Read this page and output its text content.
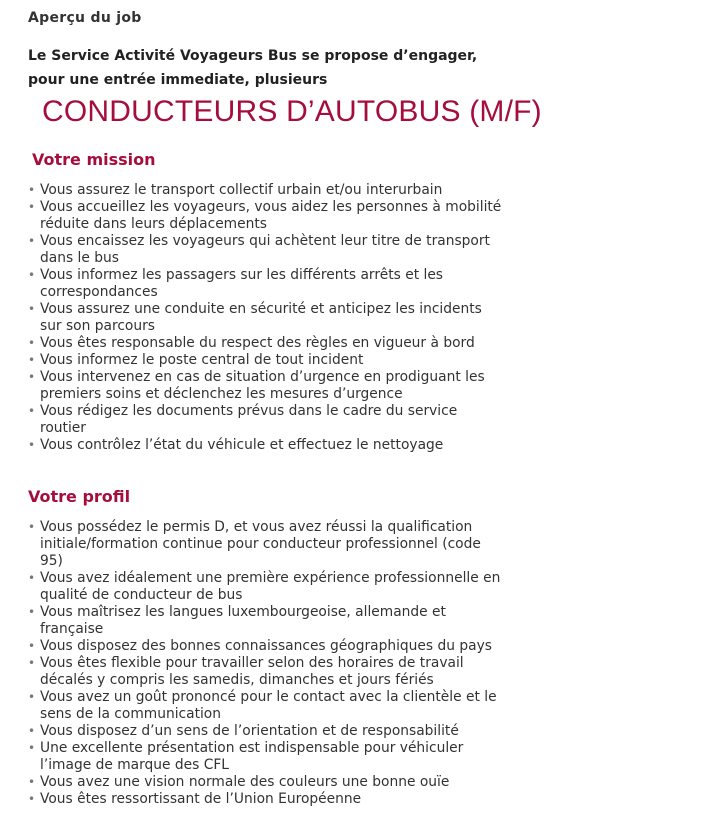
Aperçu du job
Le Service Activité Voyageurs Bus se propose d’engager, pour une entrée immediate, plusieurs
CONDUCTEURS D’AUTOBUS (M/F)
Votre mission
• Vous assurez le transport collectif urbain et/ou interurbain
• Vous accueillez les voyageurs, vous aidez les personnes à mobilité réduite dans leurs déplacements
• Vous encaissez les voyageurs qui achètent leur titre de transport dans le bus
• Vous informez les passagers sur les différents arrêts et les correspondances
• Vous assurez une conduite en sécurité et anticipez les incidents sur son parcours
• Vous êtes responsable du respect des règles en vigueur à bord
• Vous informez le poste central de tout incident
• Vous intervenez en cas de situation d’urgence en prodiguant les premiers soins et déclenchez les mesures d’urgence
• Vous rédigez les documents prévus dans le cadre du service routier
• Vous contrôlez l’état du véhicule et effectuez le nettoyage
Votre profil
• Vous possédez le permis D, et vous avez réussi la qualification initiale/formation continue pour conducteur professionnel (code 95)
• Vous avez idéalement une première expérience professionnelle en qualité de conducteur de bus
• Vous maîtrisez les langues luxembourgeoise, allemande et française
• Vous disposez des bonnes connaissances géographiques du pays
• Vous êtes flexible pour travailler selon des horaires de travail décalés y compris les samedis, dimanches et jours fériés
• Vous avez un goût prononcé pour le contact avec la clientèle et le sens de la communication
• Vous disposez d’un sens de l’orientation et de responsabilité
• Une excellente présentation est indispensable pour véhiculer l’image de marque des CFL
• Vous avez une vision normale des couleurs une bonne ouïe
• Vous êtes ressortissant de l’Union Européenne
